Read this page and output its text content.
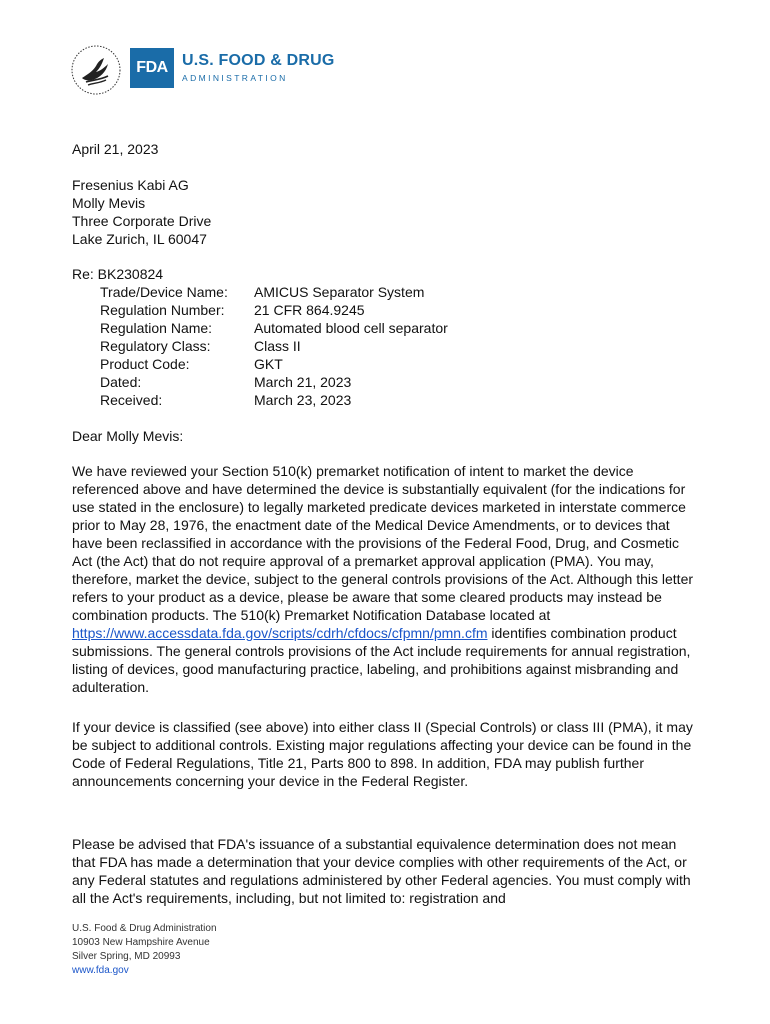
FDA U.S. FOOD & DRUG
ADMINISTRATION
April 21, 2023
Fresenius Kabi AG
Molly Mevis
Three Corporate Drive
Lake Zurich, IL 60047
Re: BK230824
Trade/Device Name: AMICUS Separator System
Regulation Number: 21 CFR 864.9245
Regulation Name:	Automated blood cell separator
Regulatory Class:	Class II
Product Code:	GKT
Dated:	March 21, 2023
Received:	March 23, 2023
Dear Molly Mevis:
We have reviewed your Section 510(k) premarket notification of intent to market the device referenced above and have determined the device is substantially equivalent (for the indications for use stated in the enclosure) to legally marketed predicate devices marketed in interstate commerce prior to May 28, 1976, the enactment date of the Medical Device Amendments, or to devices that have been reclassified in accordance with the provisions of the Federal Food, Drug, and Cosmetic Act (the Act) that do not require approval of a premarket approval application (PMA). You may, therefore, market the device, subject to the general controls provisions of the Act. Although this letter refers to your product as a device, please be aware that some cleared products may instead be combination products. The 510(k) Premarket Notification Database located at https://www.accessdata.fda.gov/scripts/cdrh/cfdocs/cfpmn/pmn.cfm identifies combination product submissions. The general controls provisions of the Act include requirements for annual registration, listing of devices, good manufacturing practice, labeling, and prohibitions against misbranding and adulteration.
If your device is classified (see above) into either class II (Special Controls) or class III (PMA), it may be subject to additional controls. Existing major regulations affecting your device can be found in the Code of Federal Regulations, Title 21, Parts 800 to 898. In addition, FDA may publish further announcements concerning your device in the Federal Register.
Please be advised that FDA's issuance of a substantial equivalence determination does not mean that FDA has made a determination that your device complies with other requirements of the Act, or any Federal statutes and regulations administered by other Federal agencies. You must comply with all the Act's requirements, including, but not limited to: registration and
U.S. Food & Drug Administration
10903 New Hampshire Avenue
Silver Spring, MD 20993
www.fda.gov
